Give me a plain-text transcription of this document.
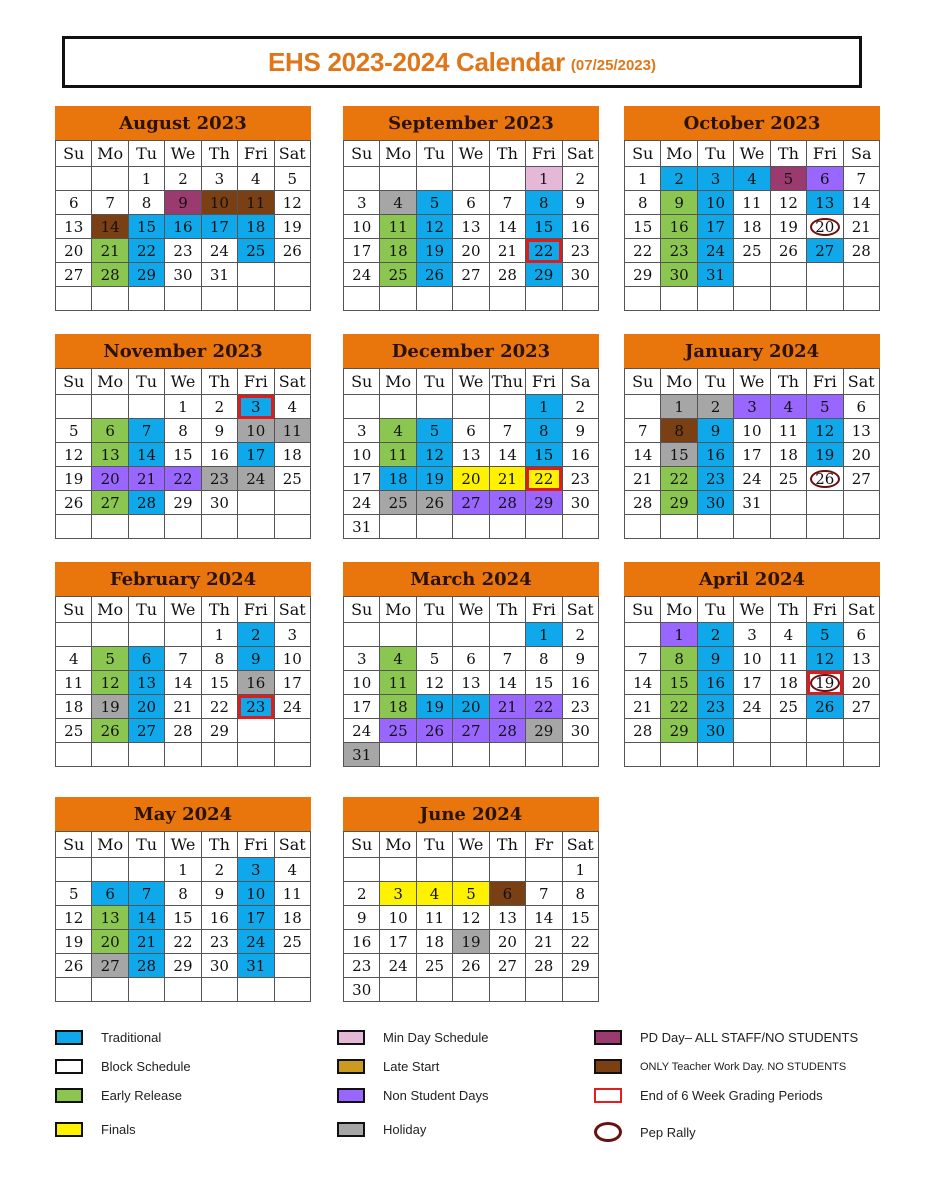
EHS 2023-2024 Calendar (07/25/2023)
August 2023
Su	Mo	Tu	We	Th	Fri	Sat
		1	2	3	4	5
6	7	8	9	10	11	12
13	14	15	16	17	18	19
20	21	22	23	24	25	26
27	28	29	30	31		

September 2023
Su	Mo	Tu	We	Th	Fri	Sat
					1	2
3	4	5	6	7	8	9
10	11	12	13	14	15	16
17	18	19	20	21	22	23
24	25	26	27	28	29	30

October 2023
Su	Mo	Tu	We	Th	Fri	Sa
1	2	3	4	5	6	7
8	9	10	11	12	13	14
15	16	17	18	19	20	21
22	23	24	25	26	27	28
29	30	31				

November 2023
Su	Mo	Tu	We	Th	Fri	Sat
			1	2	3	4
5	6	7	8	9	10	11
12	13	14	15	16	17	18
19	20	21	22	23	24	25
26	27	28	29	30		

December 2023
Su	Mo	Tu	We	Thu	Fri	Sa
					1	2
3	4	5	6	7	8	9
10	11	12	13	14	15	16
17	18	19	20	21	22	23
24	25	26	27	28	29	30
31						
January 2024
Su	Mo	Tu	We	Th	Fri	Sat
	1	2	3	4	5	6
7	8	9	10	11	12	13
14	15	16	17	18	19	20
21	22	23	24	25	26	27
28	29	30	31			

February 2024
Su	Mo	Tu	We	Th	Fri	Sat
				1	2	3
4	5	6	7	8	9	10
11	12	13	14	15	16	17
18	19	20	21	22	23	24
25	26	27	28	29		

March 2024
Su	Mo	Tu	We	Th	Fri	Sat
					1	2
3	4	5	6	7	8	9
10	11	12	13	14	15	16
17	18	19	20	21	22	23
24	25	26	27	28	29	30
31						
April 2024
Su	Mo	Tu	We	Th	Fri	Sat
	1	2	3	4	5	6
7	8	9	10	11	12	13
14	15	16	17	18	19	20
21	22	23	24	25	26	27
28	29	30				

May 2024
Su	Mo	Tu	We	Th	Fri	Sat
			1	2	3	4
5	6	7	8	9	10	11
12	13	14	15	16	17	18
19	20	21	22	23	24	25
26	27	28	29	30	31	

June 2024
Su	Mo	Tu	We	Th	Fr	Sat
						1
2	3	4	5	6	7	8
9	10	11	12	13	14	15
16	17	18	19	20	21	22
23	24	25	26	27	28	29
30						
Traditional
Block Schedule
Early Release
Finals
Min Day Schedule
Late Start
Non Student Days
Holiday
PD Day– ALL STAFF/NO STUDENTS
ONLY Teacher Work Day. NO STUDENTS
End of 6 Week Grading Periods
Pep Rally
